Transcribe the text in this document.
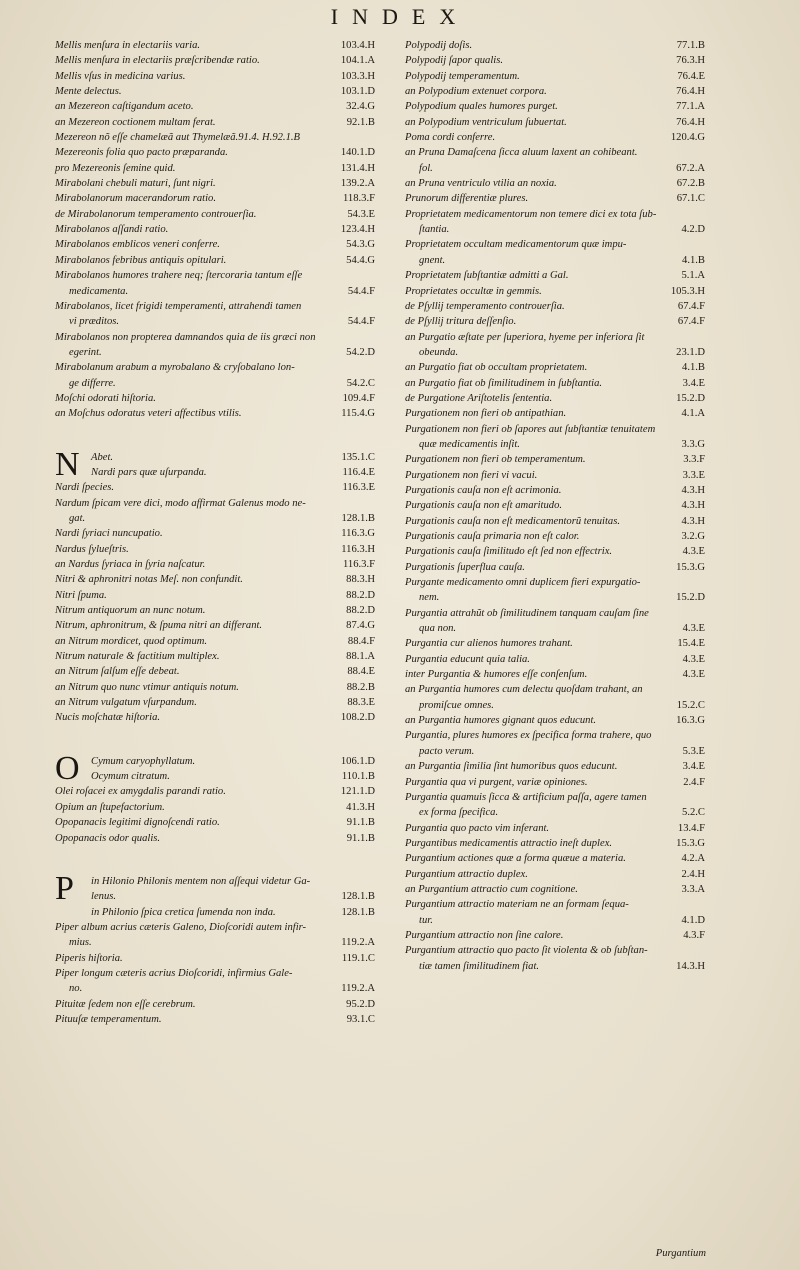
INDEX
Mellis menſura in electariis varia.	103.4.H
Mellis menſura in electariis præſcribendæ ratio.	104.1.A
Mellis vſus in medicina varius.	103.3.H
Mente delectus.	103.1.D
an Mezereon caſtigandum aceto.	32.4.G
an Mezereon coctionem multam ferat.	92.1.B
Mezereon nõ eſſe chamelæã aut Thymelæã.91.4. H.92.1.B
Mezereonis folia quo pacto præparanda.	140.1.D
pro Mezereonis ſemine quid.	131.4.H
Mirabolani chebuli maturi, ſunt nigri.	139.2.A
Mirabolanorum macerandorum ratio.	118.3.F
de Mirabolanorum temperamento controuerſia.	54.3.E
Mirabolanos aſſandi ratio.	123.4.H
Mirabolanos emblicos veneri conferre.	54.3.G
Mirabolanos febribus antiquis opitulari.	54.4.G
Mirabolanos humores trahere neq; ſtercoraria tantum eſſe
medicamenta.	54.4.F
Mirabolanos, licet frigidi temperamenti, attrahendi tamen
vi præditos.	54.4.F
Mirabolanos non propterea damnandos quia de iis græci non
egerint.	54.2.D
Mirabolanum arabum a myrobalano & cryſobalano lon-
ge differre.	54.2.C
Moſchi odorati hiſtoria.	109.4.F
an Moſchus odoratus veteri affectibus vtilis.	115.4.G
N Abet.	135.1.C
Nardi pars quæ uſurpanda.	116.4.E
Nardi ſpecies.	116.3.E
Nardum ſpicam vere dici, modo affirmat Galenus modo ne-
gat.	128.1.B
Nardi ſyriaci nuncupatio.	116.3.G
Nardus ſylueſtris.	116.3.H
an Nardus ſyriaca in ſyria naſcatur.	116.3.F
Nitri & aphronitri notas Meſ. non confundit.	88.3.H
Nitri ſpuma.	88.2.D
Nitrum antiquorum an nunc notum.	88.2.D
Nitrum, aphronitrum, & ſpuma nitri an differant.	87.4.G
an Nitrum mordicet, quod optimum.	88.4.F
Nitrum naturale & factitium multiplex.	88.1.A
an Nitrum ſalſum eſſe debeat.	88.4.E
an Nitrum quo nunc vtimur antiquis notum.	88.2.B
an Nitrum vulgatum vſurpandum.	88.3.E
Nucis moſchatæ hiſtoria.	108.2.D
O Cymum caryophyllatum.	106.1.D
Ocymum citratum.	110.1.B
Olei roſacei ex amygdalis parandi ratio.	121.1.D
Opium an ſtupefactorium.	41.3.H
Opopanacis legitimi dignoſcendi ratio.	91.1.B
Opopanacis odor qualis.	91.1.B
P in Hilonio Philonis mentem non aſſequi videtur Ga-
lenus.	128.1.B
in Philonio ſpica cretica ſumenda non inda.	128.1.B
Piper album acrius cæteris Galeno, Dioſcoridi autem infir-
mius.	119.2.A
Piperis hiſtoria.	119.1.C
Piper longum cæteris acrius Dioſcoridi, infirmius Gale-
no.	119.2.A
Pituitæ ſedem non eſſe cerebrum.	95.2.D
Pituuſæ temperamentum.	93.1.C
Polypodij doſis.	77.1.B
Polypodij ſapor qualis.	76.3.H
Polypodij temperamentum.	76.4.E
an Polypodium extenuet corpora.	76.4.H
Polypodium quales humores purget.	77.1.A
an Polypodium ventriculum ſubuertat.	76.4.H
Poma cordi conferre.	120.4.G
an Pruna Damaſcena ſicca aluum laxent an cohibeant.
fol.	67.2.A
an Pruna ventriculo vtilia an noxia.	67.2.B
Prunorum differentiæ plures.	67.1.C
Proprietatem medicamentorum non temere dici ex tota ſub-
ſtantia.	4.2.D
Proprietatem occultam medicamentorum quæ impu-
gnent.	4.1.B
Proprietatem ſubſtantiæ admitti a Gal.	5.1.A
Proprietates occultæ in gemmis.	105.3.H
de Pſyllij temperamento controuerſia.	67.4.F
de Pſyllij tritura deſſenſio.	67.4.F
an Purgatio æſtate per ſuperiora, hyeme per inferiora ſit
obeunda.	23.1.D
an Purgatio fiat ob occultam proprietatem.	4.1.B
an Purgatio fiat ob ſimilitudinem in ſubſtantia.	3.4.E
de Purgatione Ariſtotelis ſententia.	15.2.D
Purgationem non fieri ob antipathian.	4.1.A
Purgationem non fieri ob ſapores aut ſubſtantiæ tenuitatem
quæ medicamentis inſit.	3.3.G
Purgationem non fieri ob temperamentum.	3.3.F
Purgationem non fieri vi vacui.	3.3.E
Purgationis cauſa non eſt acrimonia.	4.3.H
Purgationis cauſa non eſt amaritudo.	4.3.H
Purgationis cauſa non eſt medicamentorũ tenuitas.	4.3.H
Purgationis cauſa primaria non eſt calor.	3.2.G
Purgationis cauſa ſimilitudo eſt ſed non effectrix.	4.3.E
Purgationis ſuperflua cauſa.	15.3.G
Purgante medicamento omni duplicem fieri expurgatio-
nem.	15.2.D
Purgantia attrahũt ob ſimilitudinem tanquam cauſam ſine
qua non.	4.3.E
Purgantia cur alienos humores trahant.	15.4.E
Purgantia educunt quia talia.	4.3.E
inter Purgantia & humores eſſe conſenſum.	4.3.E
an Purgantia humores cum delectu quoſdam trahant, an
promiſcue omnes.	15.2.C
an Purgantia humores gignant quos educunt.	16.3.G
Purgantia, plures humores ex ſpecifica forma trahere, quo
pacto verum.	5.3.E
an Purgantia ſimilia ſint humoribus quos educunt.	3.4.E
Purgantia qua vi purgent, variæ opiniones.	2.4.F
Purgantia quamuis ſicca & artificium paſſa, agere tamen
ex forma ſpecifica.	5.2.C
Purgantia quo pacto vim inferant.	13.4.F
Purgantibus medicamentis attractio ineſt duplex.	15.3.G
Purgantium actiones quæ a forma quæue a materia.	4.2.A
Purgantium attractio duplex.	2.4.H
an Purgantium attractio cum cognitione.	3.3.A
Purgantium attractio materiam ne an formam ſequa-
tur.	4.1.D
Purgantium attractio non ſine calore.	4.3.F
Purgantium attractio quo pacto ſit violenta & ob ſubſtan-
tiæ tamen ſimilitudinem fiat.	14.3.H
Purgantium
